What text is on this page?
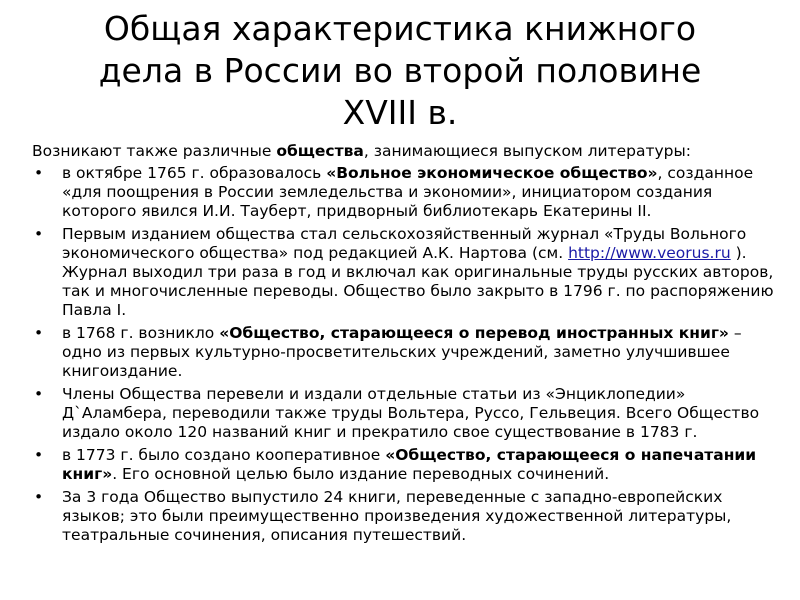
Общая характеристика книжного
дела в России во второй половине
XVIII в.
Возникают также различные общества, занимающиеся выпуском литературы:
• в октябре 1765 г. образовалось «Вольное экономическое общество», созданное «для поощрения в России земледельства и экономии», инициатором создания которого явился И.И. Тауберт, придворный библиотекарь Екатерины II.
• Первым изданием общества стал сельскохозяйственный журнал «Труды Вольного экономического общества» под редакцией А.К. Нартова (см. http://www.veorus.ru ). Журнал выходил три раза в год и включал как оригинальные труды русских авторов, так и многочисленные переводы. Общество было закрыто в 1796 г. по распоряжению Павла I.
• в 1768 г. возникло «Общество, старающееся о перевод иностранных книг» – одно из первых культурно-просветительских учреждений, заметно улучшившее книгоиздание.
• Члены Общества перевели и издали отдельные статьи из «Энциклопедии» Д`Аламбера, переводили также труды Вольтера, Руссо, Гельвеция. Всего Общество издало около 120 названий книг и прекратило свое существование в 1783 г.
• в 1773 г. было создано кооперативное «Общество, старающееся о напечатании книг». Его основной целью было издание переводных сочинений.
• За 3 года Общество выпустило 24 книги, переведенные с западно-европейских языков; это были преимущественно произведения художественной литературы, театральные сочинения, описания путешествий.
